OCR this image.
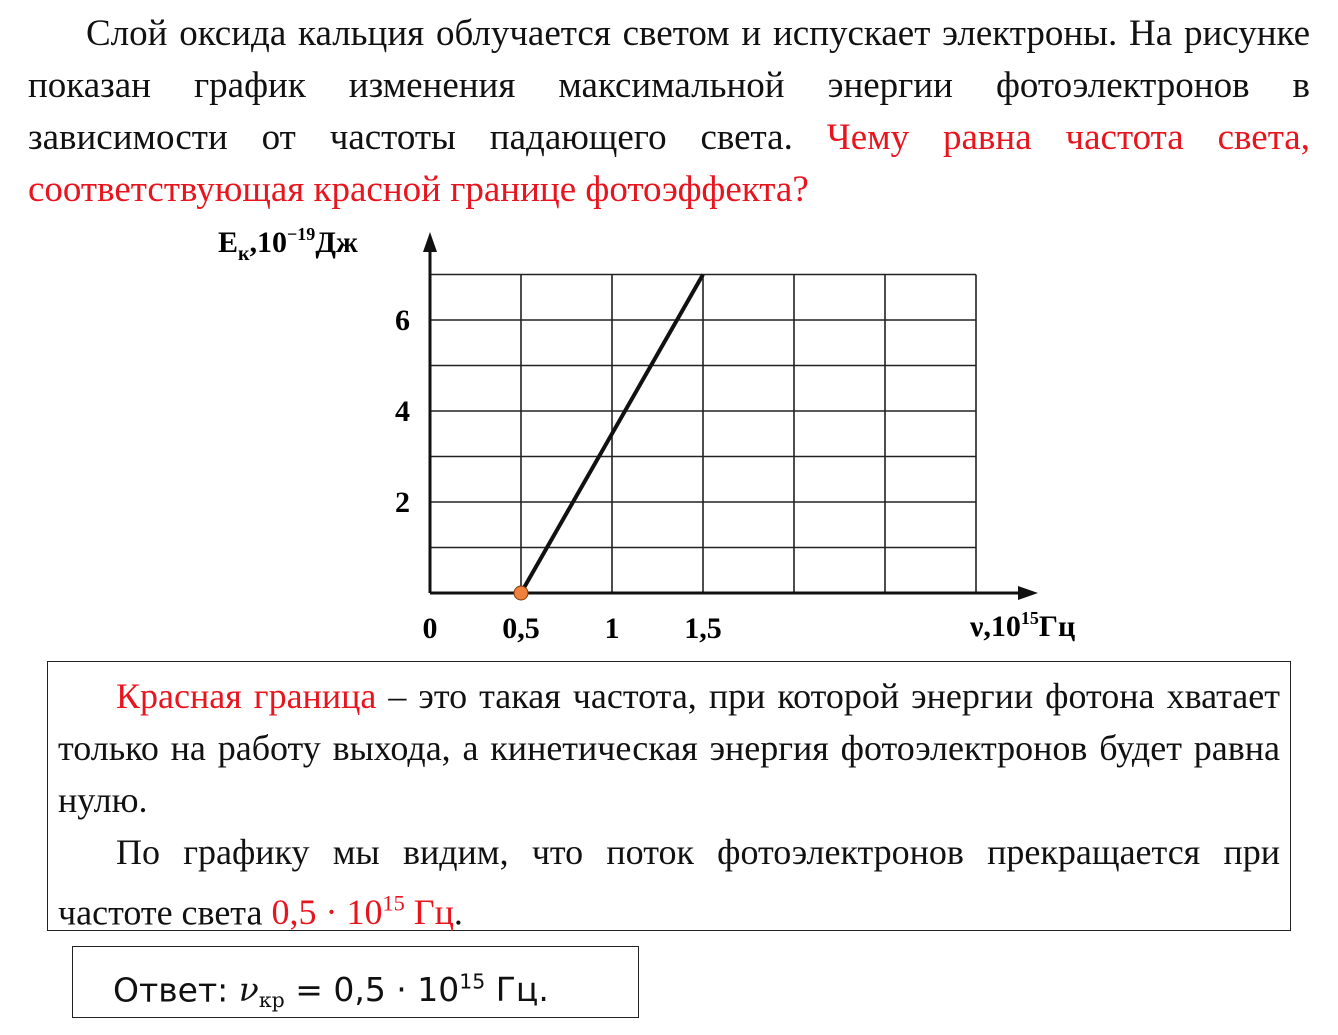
Слой оксида кальция облучается светом и испускает электроны. На рисунке показан график изменения максимальной энергии фотоэлектронов в зависимости от частоты падающего света. Чему равна частота света, соответствующая красной границе фотоэффекта?

0 0,5 1 1,5
2
4
6
$E_к,10^{-19}Дж$
$\nu,10^{15}Гц$

Красная граница – это такая частота, при которой энергии фотона хватает только на работу выхода, а кинетическая энергия фотоэлектронов будет равна нулю.

По графику мы видим, что поток фотоэлектронов прекращается при частоте света $0,5 \cdot 10^{15}$ Гц.

Ответ: $\nu_{кр} = 0,5 \cdot 10^{15}$ Гц.
